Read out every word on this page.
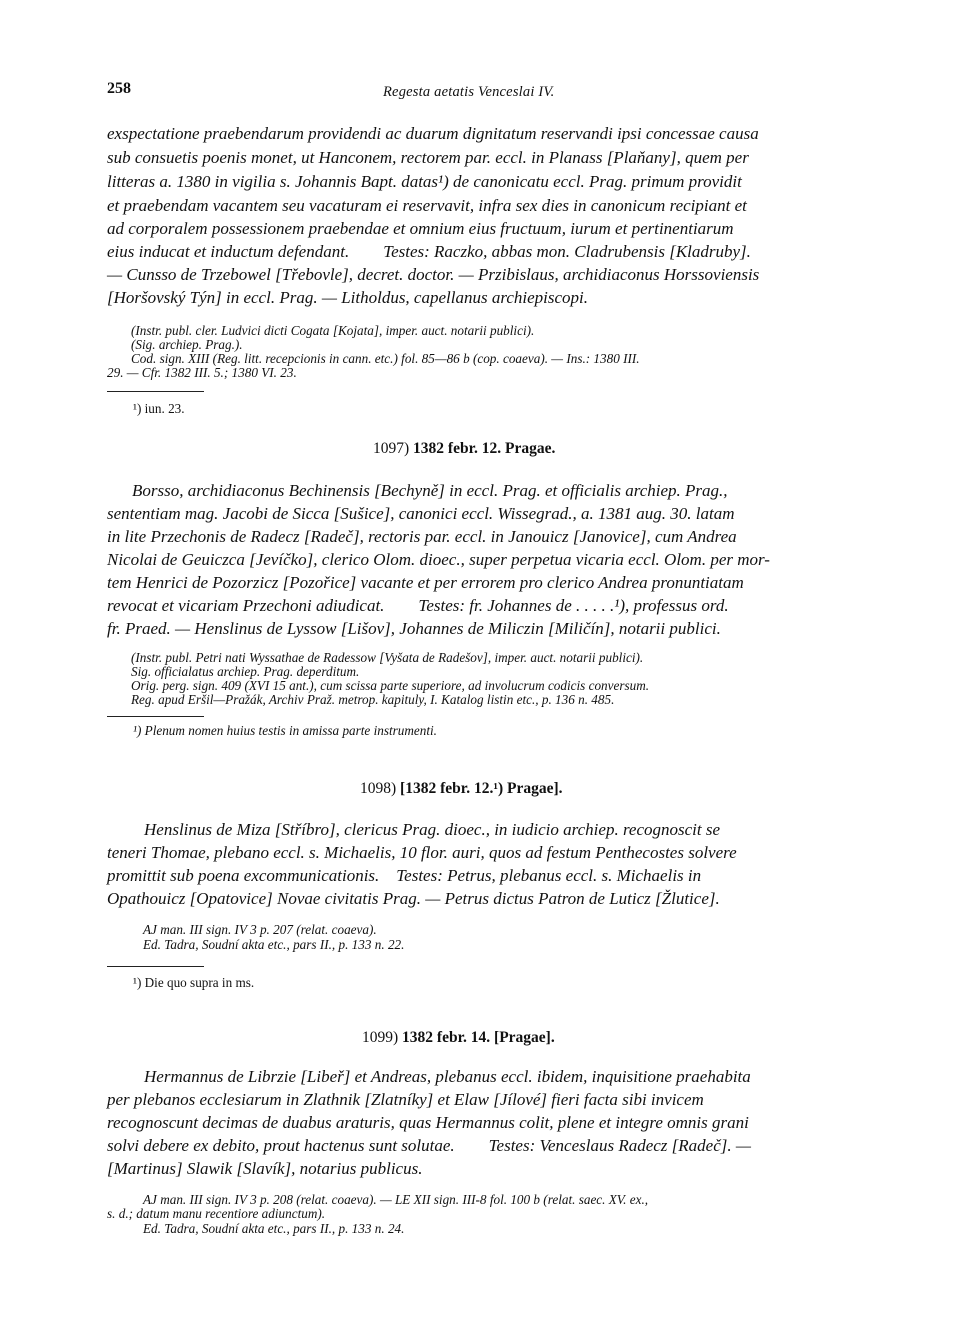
258	Regesta aetatis Venceslai IV.
exspectatione praebendarum providendi ac duarum dignitatum reservandi ipsi concessae causa
sub consuetis poenis monet, ut Hanconem, rectorem par. eccl. in Planass [Plaňany], quem per
litteras a. 1380 in vigilia s. Johannis Bapt. datas¹) de canonicatu eccl. Prag. primum providit
et praebendam vacantem seu vacaturam ei reservavit, infra sex dies in canonicum recipiant et
ad corporalem possessionem praebendae et omnium eius fructuum, iurum et pertinentiarum
eius inducat et inductum defendant.        Testes: Raczko, abbas mon. Cladrubensis [Kladruby].
— Cunsso de Trzebowel [Třebovle], decret. doctor. — Przibislaus, archidiaconus Horssoviensis
[Horšovský Týn] in eccl. Prag. — Litholdus, capellanus archiepiscopi.
(Instr. publ. cler. Ludvici dicti Cogata [Kojata], imper. auct. notarii publici).
(Sig. archiep. Prag.).
Cod. sign. XIII (Reg. litt. recepcionis in cann. etc.) fol. 85—86 b (cop. coaeva). — Ins.: 1380 III.
29. — Cfr. 1382 III. 5.; 1380 VI. 23.
¹) iun. 23.
1097) 1382 febr. 12. Pragae.
Borsso, archidiaconus Bechinensis [Bechyně] in eccl. Prag. et officialis archiep. Prag.,
sententiam mag. Jacobi de Sicca [Sušice], canonici eccl. Wissegrad., a. 1381 aug. 30. latam
in lite Przechonis de Radecz [Radeč], rectoris par. eccl. in Janouicz [Janovice], cum Andrea
Nicolai de Geuiczca [Jevíčko], clerico Olom. dioec., super perpetua vicaria eccl. Olom. per mor-
tem Henrici de Pozorzicz [Pozořice] vacante et per errorem pro clerico Andrea pronuntiatam
revocat et vicariam Przechoni adiudicat.        Testes: fr. Johannes de . . . . .¹), professus ord.
fr. Praed. — Henslinus de Lyssow [Lišov], Johannes de Miliczin [Miličín], notarii publici.
(Instr. publ. Petri nati Wyssathae de Radessow [Vyšata de Radešov], imper. auct. notarii publici).
Sig. officialatus archiep. Prag. deperditum.
Orig. perg. sign. 409 (XVI 15 ant.), cum scissa parte superiore, ad involucrum codicis conversum.
Reg. apud Eršil—Pražák, Archiv Praž. metrop. kapituly, I. Katalog listin etc., p. 136 n. 485.
¹) Plenum nomen huius testis in amissa parte instrumenti.
1098) [1382 febr. 12.¹) Pragae].
Henslinus de Miza [Stříbro], clericus Prag. dioec., in iudicio archiep. recognoscit se
teneri Thomae, plebano eccl. s. Michaelis, 10 flor. auri, quos ad festum Penthecostes solvere
promittit sub poena excommunicationis.    Testes: Petrus, plebanus eccl. s. Michaelis in
Opathouicz [Opatovice] Novae civitatis Prag. — Petrus dictus Patron de Luticz [Žlutice].
AJ man. III sign. IV 3 p. 207 (relat. coaeva).
Ed. Tadra, Soudní akta etc., pars II., p. 133 n. 22.
¹) Die quo supra in ms.
1099) 1382 febr. 14. [Pragae].
Hermannus de Librzie [Libeř] et Andreas, plebanus eccl. ibidem, inquisitione praehabita
per plebanos ecclesiarum in Zlathnik [Zlatníky] et Elaw [Jílové] fieri facta sibi invicem
recognoscunt decimas de duabus araturis, quas Hermannus colit, plene et integre omnis grani
solvi debere ex debito, prout hactenus sunt solutae.        Testes: Venceslaus Radecz [Radeč]. —
[Martinus] Slawik [Slavík], notarius publicus.
AJ man. III sign. IV 3 p. 208 (relat. coaeva). — LE XII sign. III-8 fol. 100 b (relat. saec. XV. ex.,
s. d.; datum manu recentiore adiunctum).
Ed. Tadra, Soudní akta etc., pars II., p. 133 n. 24.
